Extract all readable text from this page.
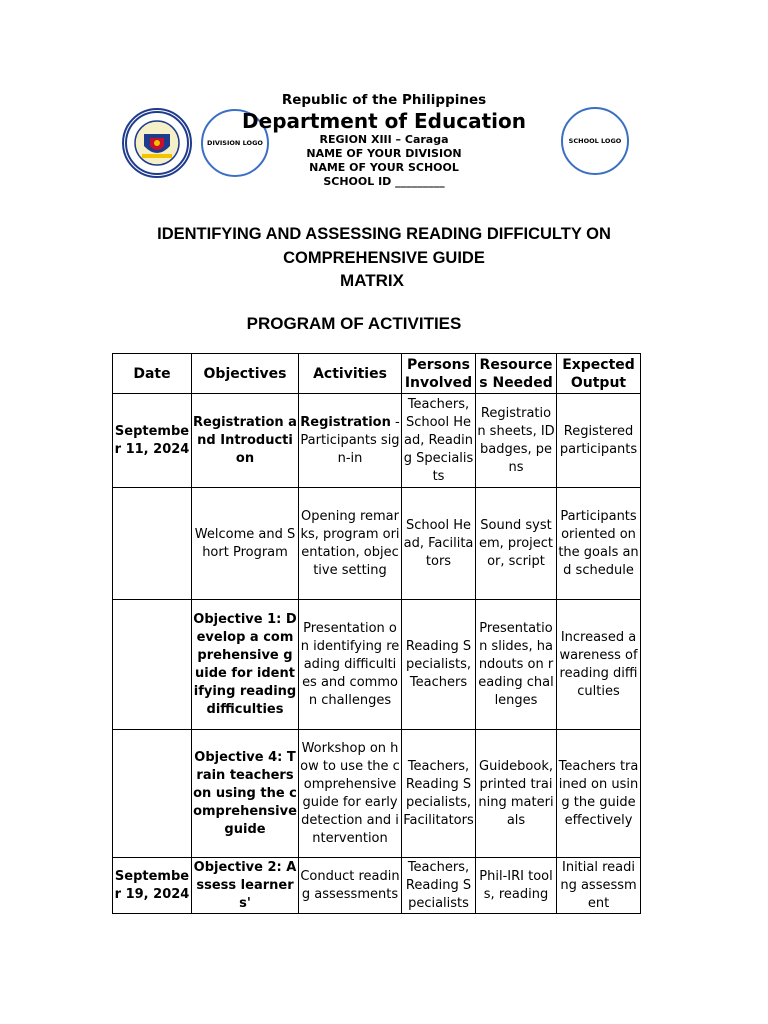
DIVISION LOGO	SCHOOL LOGO
Republic of the Philippines
Department of Education
REGION XIII – Caraga
NAME OF YOUR DIVISION
NAME OF YOUR SCHOOL
SCHOOL ID _________
IDENTIFYING AND ASSESSING READING DIFFICULTY ON
COMPREHENSIVE GUIDE
MATRIX
PROGRAM OF ACTIVITIES
Date	Objectives	Activities	Persons Involved	Resources Needed	Expected Output
September 11, 2024	Registration and Introduction	Registration - Participants sign-in	Teachers, School Head, Reading Specialists	Registration sheets, ID badges, pens	Registered participants
	Welcome and Short Program	Opening remarks, program orientation, objective setting	School Head, Facilitators	Sound system, projector, script	Participants oriented on the goals and schedule
	Objective 1: Develop a comprehensive guide for identifying reading difficulties	Presentation on identifying reading difficulties and common challenges	Reading Specialists, Teachers	Presentation slides, handouts on reading challenges	Increased awareness of reading difficulties
	Objective 4: Train teachers on using the comprehensive guide	Workshop on how to use the comprehensive guide for early detection and intervention	Teachers, Reading Specialists, Facilitators	Guidebook, printed training materials	Teachers trained on using the guide effectively
September 19, 2024	Objective 2: Assess learners'	Conduct reading assessments	Teachers, Reading Specialists	Phil-IRI tools, reading	Initial reading assessment
